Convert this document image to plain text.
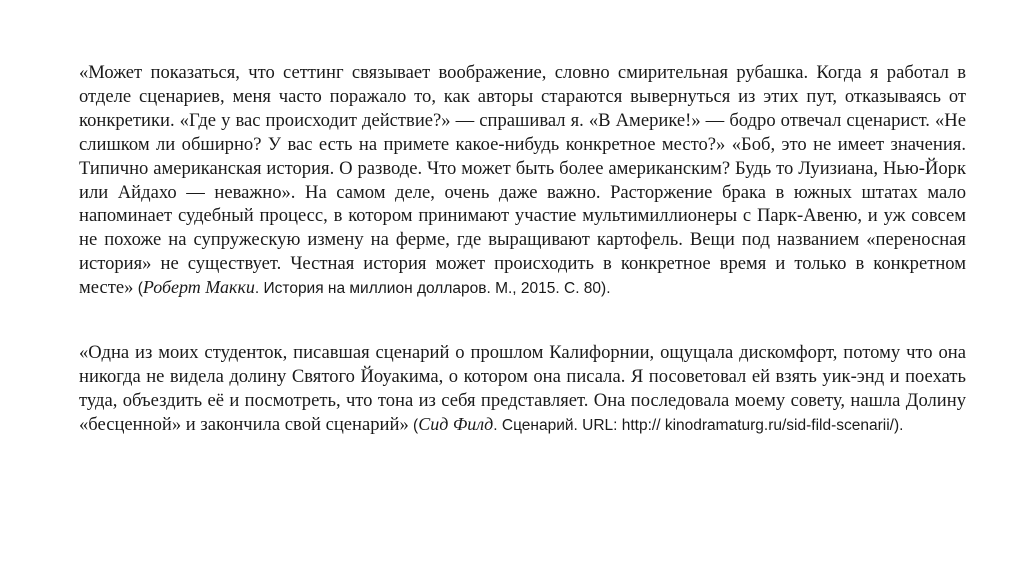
«Может показаться, что сеттинг связывает воображение, словно смирительная рубашка. Когда я работал в отделе сценариев, меня часто поражало то, как авторы стараются вывернуться из этих пут, отказываясь от конкретики. «Где у вас происходит действие?» — спрашивал я. «В Америке!» — бодро отвечал сценарист. «Не слишком ли обширно? У вас есть на примете какое-нибудь конкретное место?» «Боб, это не имеет значения. Типично американская история. О разводе. Что может быть более американским? Будь то Луизиана, Нью-Йорк или Айдахо — неважно». На самом деле, очень даже важно. Расторжение брака в южных штатах мало напоминает судебный процесс, в котором принимают участие мультимиллионеры с Парк-Авеню, и уж совсем не похоже на супружескую измену на ферме, где выращивают картофель. Вещи под названием «переносная история» не существует. Честная история может происходить в конкретное время и только в конкретном месте» (Роберт Макки. История на миллион долларов. М., 2015. С. 80).

«Одна из моих студенток, писавшая сценарий о прошлом Калифорнии, ощущала дискомфорт, потому что она никогда не видела долину Святого Йоуакима, о котором она писала. Я посоветовал ей взять уик-энд и поехать туда, объездить её и посмотреть, что тона из себя представляет. Она последовала моему совету, нашла Долину «бесценной» и закончила свой сценарий» (Сид Филд. Сценарий. URL: http:// kinodramaturg.ru/sid-fild-scenarii/).
